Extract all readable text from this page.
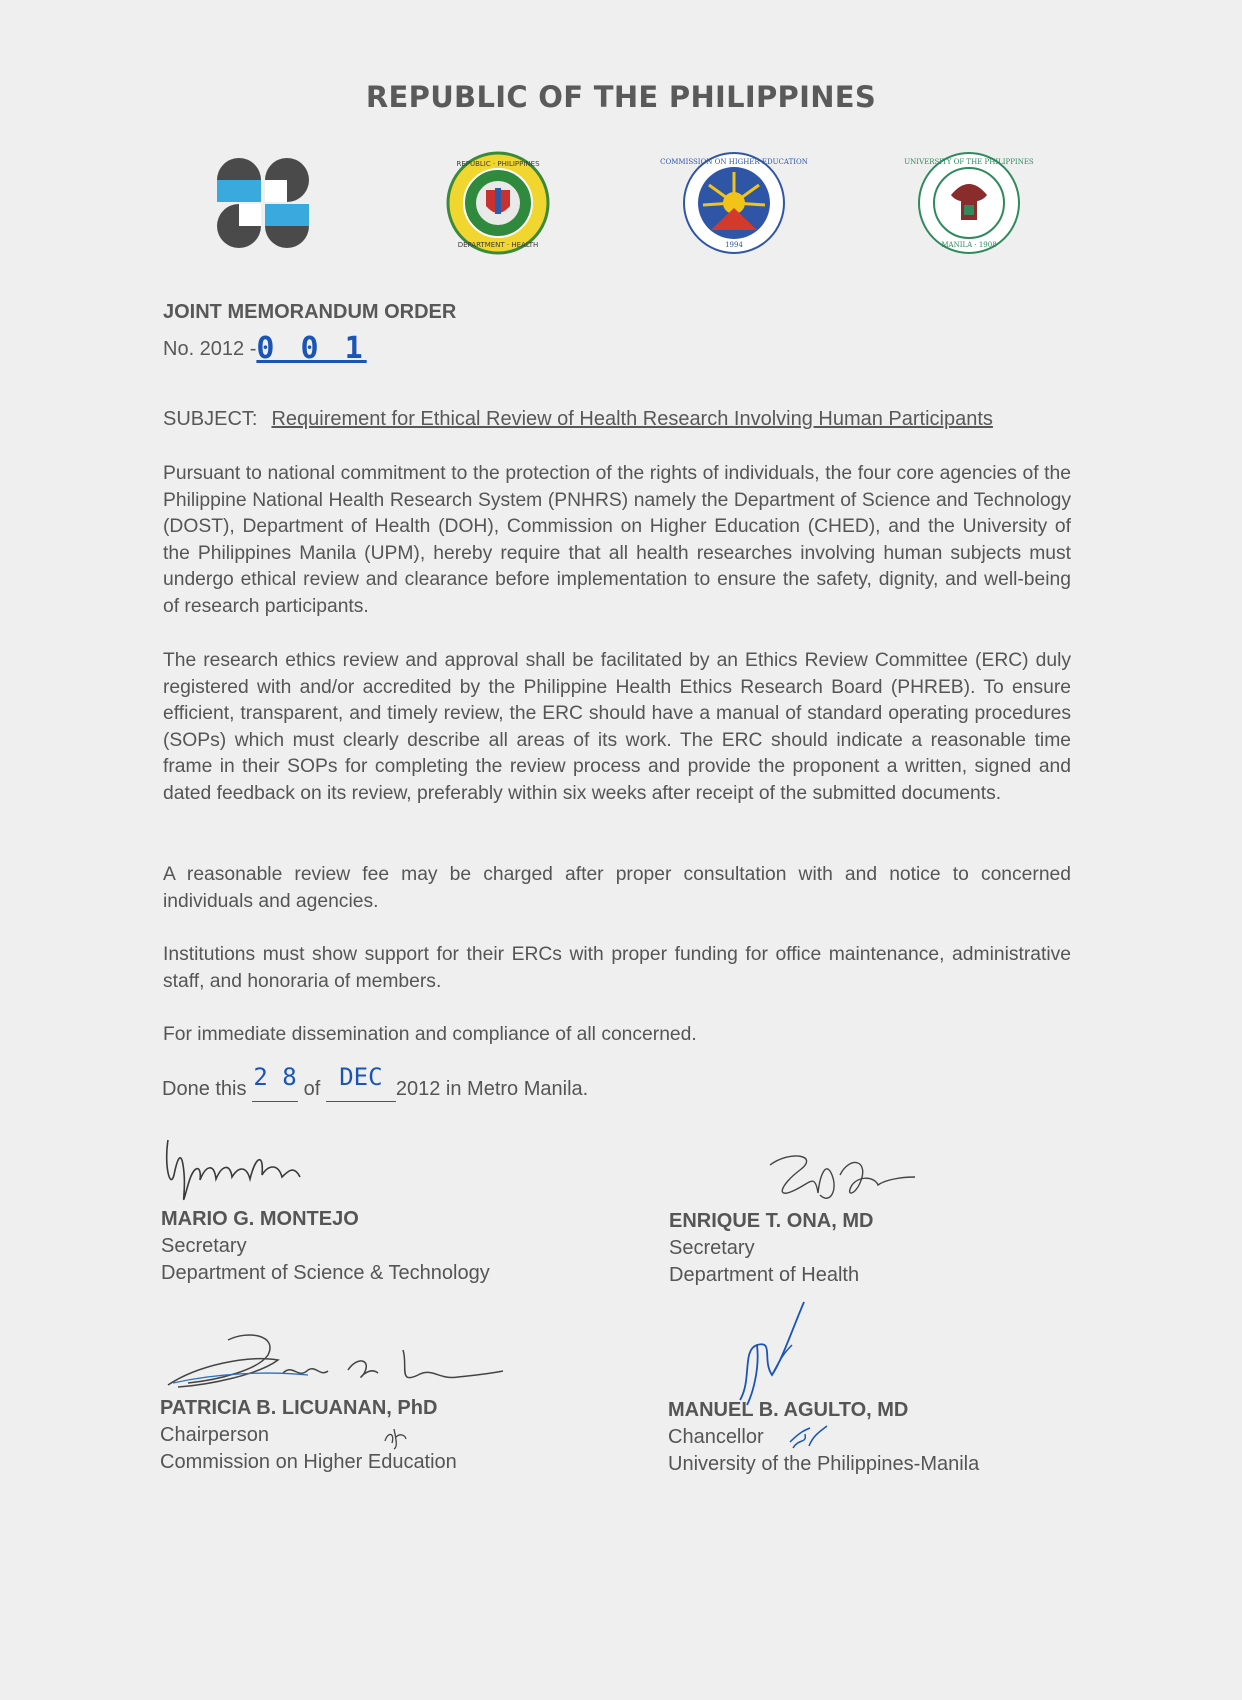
REPUBLIC OF THE PHILIPPINES
REPUBLIC · PHILIPPINES
DEPARTMENT · HEALTH
COMMISSION ON HIGHER EDUCATION
1994
UNIVERSITY OF THE PHILIPPINES
MANILA · 1908
JOINT MEMORANDUM ORDER
No. 2012 -0 0 1
SUBJECT: Requirement for Ethical Review of Health Research Involving Human Participants

Pursuant to national commitment to the protection of the rights of individuals, the four core agencies of the Philippine National Health Research System (PNHRS) namely the Department of Science and Technology (DOST), Department of Health (DOH), Commission on Higher Education (CHED), and the University of the Philippines Manila (UPM), hereby require that all health researches involving human subjects must undergo ethical review and clearance before implementation to ensure the safety, dignity, and well-being of research participants.

The research ethics review and approval shall be facilitated by an Ethics Review Committee (ERC) duly registered with and/or accredited by the Philippine Health Ethics Research Board (PHREB). To ensure efficient, transparent, and timely review, the ERC should have a manual of standard operating procedures (SOPs) which must clearly describe all areas of its work. The ERC should indicate a reasonable time frame in their SOPs for completing the review process and provide the proponent a written, signed and dated feedback on its review, preferably within six weeks after receipt of the submitted documents.

A reasonable review fee may be charged after proper consultation with and notice to concerned individuals and agencies.

Institutions must show support for their ERCs with proper funding for office maintenance, administrative staff, and honoraria of members.

For immediate dissemination and compliance of all concerned.

Done this 2 8 of DEC 2012 in Metro Manila.
MARIO G. MONTEJO
Secretary
Department of Science & Technology
ENRIQUE T. ONA, MD
Secretary
Department of Health
PATRICIA B. LICUANAN, PhD
Chairperson
Commission on Higher Education
MANUEL B. AGULTO, MD
Chancellor
University of the Philippines-Manila
